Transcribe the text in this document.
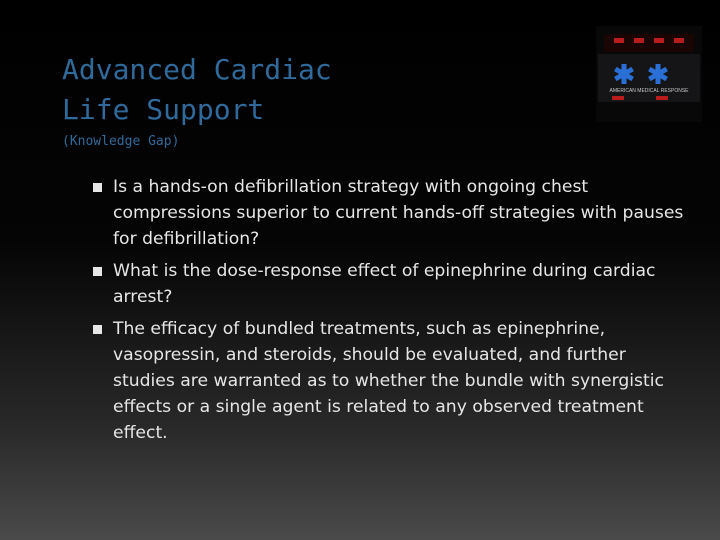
Advanced Cardiac
Life Support
(Knowledge Gap)
AMERICAN MEDICAL RESPONSE
Is a hands-on defibrillation strategy with ongoing chest compressions superior to current hands-off strategies with pauses for defibrillation?
What is the dose-response effect of epinephrine during cardiac arrest?
The efficacy of bundled treatments, such as epinephrine, vasopressin, and steroids, should be evaluated, and further studies are warranted as to whether the bundle with synergistic effects or a single agent is related to any observed treatment effect.
